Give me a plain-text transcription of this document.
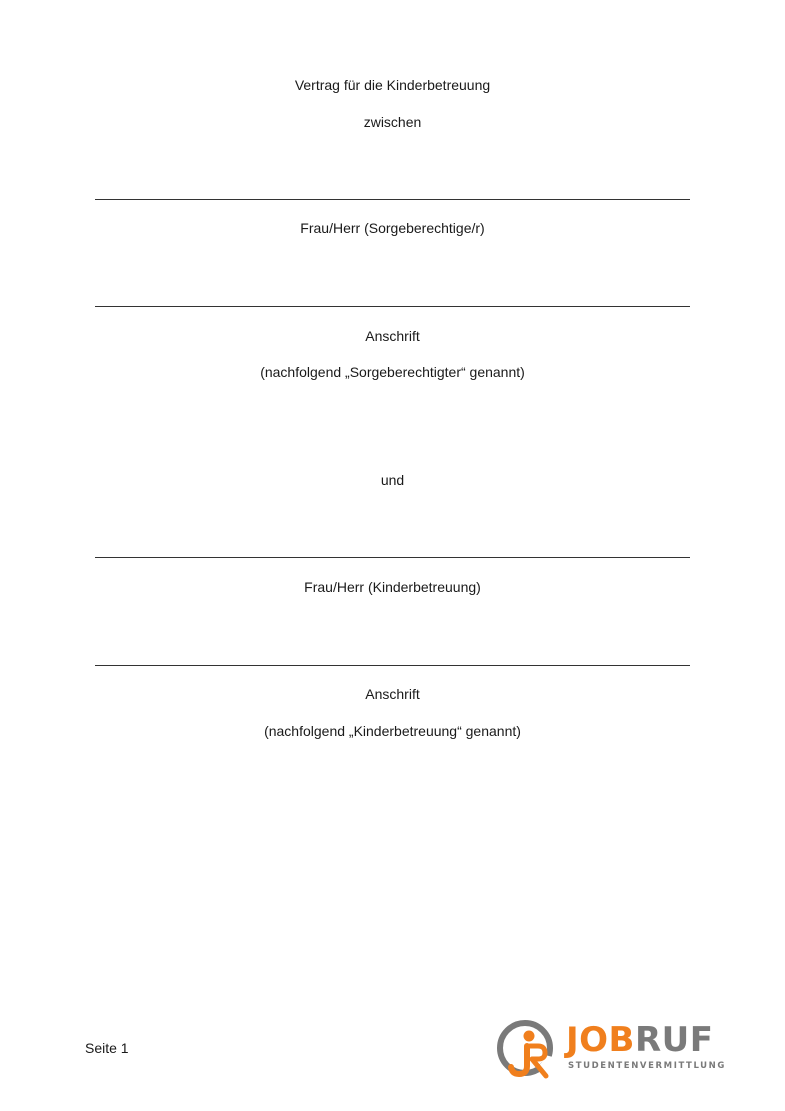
Vertrag für die Kinderbetreuung
zwischen
Frau/Herr (Sorgeberechtige/r)
Anschrift
(nachfolgend „Sorgeberechtigter“ genannt)
und
Frau/Herr (Kinderbetreuung)
Anschrift
(nachfolgend „Kinderbetreuung“ genannt)
Seite 1	JOBRUF
STUDENTENVERMITTLUNG
